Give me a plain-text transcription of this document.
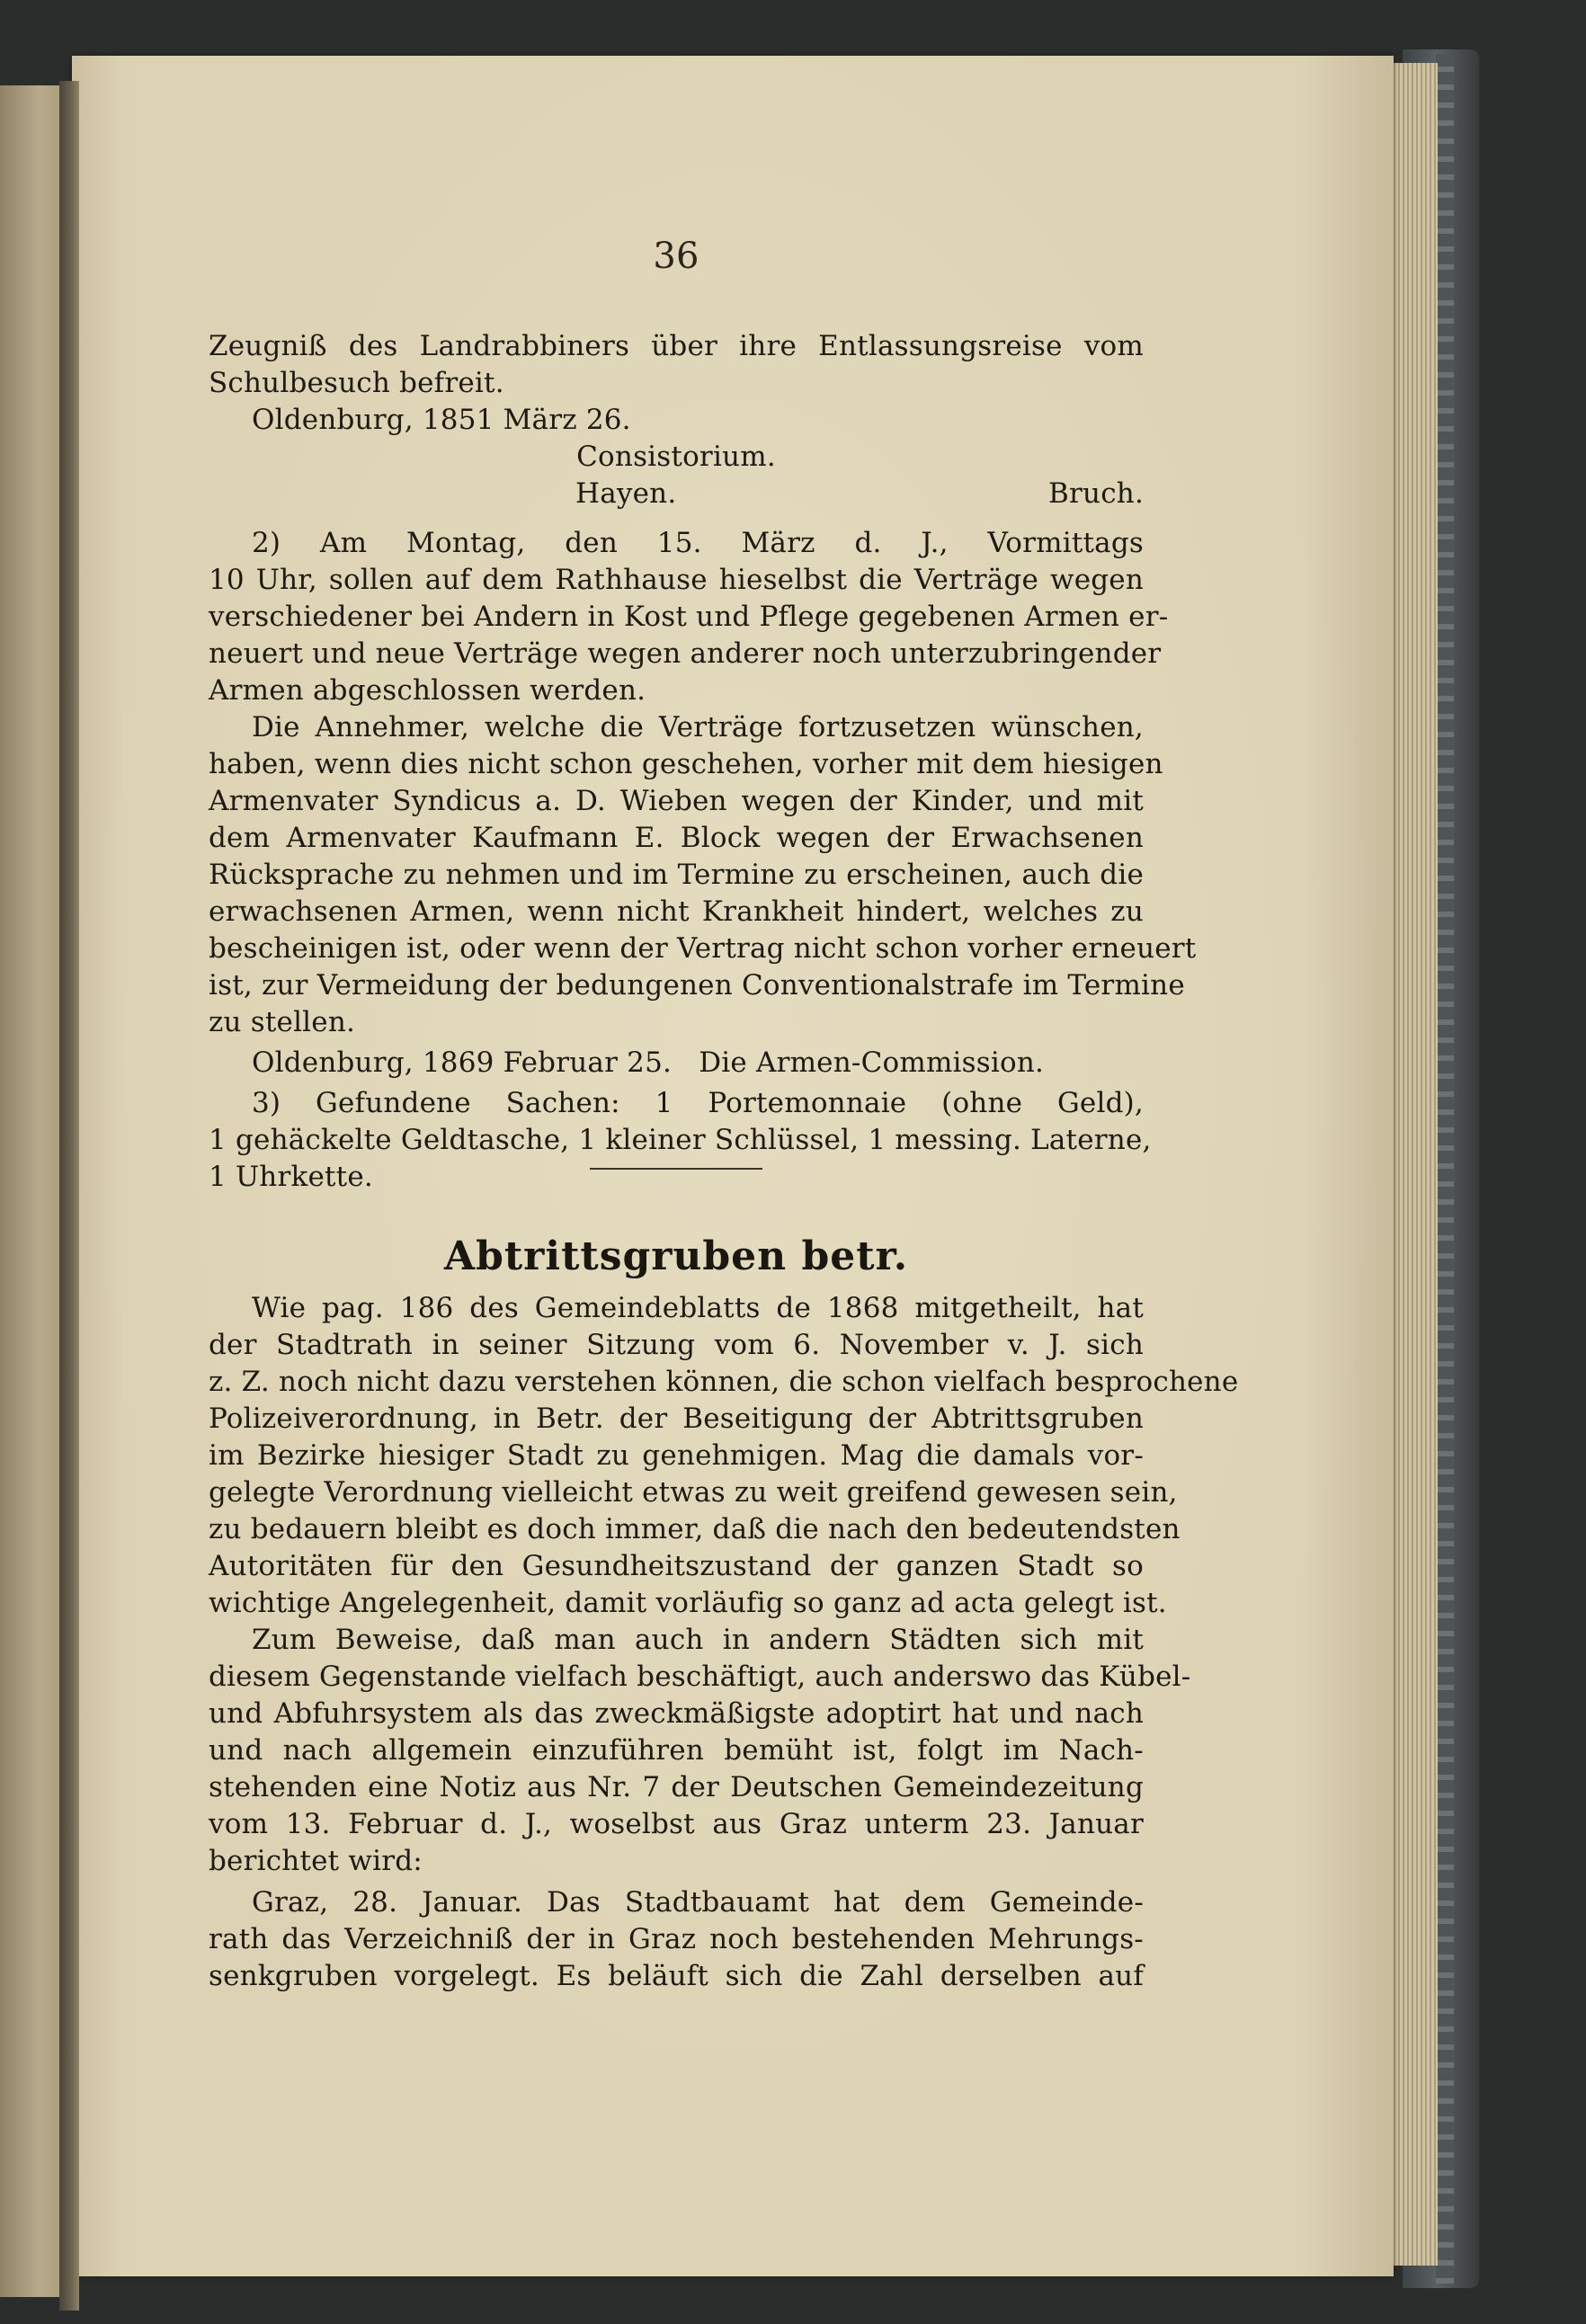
36
Zeugniß des Landrabbiners über ihre Entlassungsreise vom
Schulbesuch befreit.
Oldenburg, 1851 März 26.
Consistorium.
Hayen.	Bruch.
2) Am Montag, den 15. März d. J., Vormittags
10 Uhr, sollen auf dem Rathhause hieselbst die Verträge wegen
verschiedener bei Andern in Kost und Pflege gegebenen Armen er-
neuert und neue Verträge wegen anderer noch unterzubringender
Armen abgeschlossen werden.
Die Annehmer, welche die Verträge fortzusetzen wünschen,
haben, wenn dies nicht schon geschehen, vorher mit dem hiesigen
Armenvater Syndicus a. D. Wieben wegen der Kinder, und mit
dem Armenvater Kaufmann E. Block wegen der Erwachsenen
Rücksprache zu nehmen und im Termine zu erscheinen, auch die
erwachsenen Armen, wenn nicht Krankheit hindert, welches zu
bescheinigen ist, oder wenn der Vertrag nicht schon vorher erneuert
ist, zur Vermeidung der bedungenen Conventionalstrafe im Termine
zu stellen.
Oldenburg, 1869 Februar 25.   Die Armen-Commission.
3) Gefundene Sachen: 1 Portemonnaie (ohne Geld),
1 gehäckelte Geldtasche, 1 kleiner Schlüssel, 1 messing. Laterne,
1 Uhrkette.
Abtrittsgruben betr.
Wie pag. 186 des Gemeindeblatts de 1868 mitgetheilt, hat
der Stadtrath in seiner Sitzung vom 6. November v. J. sich
z. Z. noch nicht dazu verstehen können, die schon vielfach besprochene
Polizeiverordnung, in Betr. der Beseitigung der Abtrittsgruben
im Bezirke hiesiger Stadt zu genehmigen. Mag die damals vor-
gelegte Verordnung vielleicht etwas zu weit greifend gewesen sein,
zu bedauern bleibt es doch immer, daß die nach den bedeutendsten
Autoritäten für den Gesundheitszustand der ganzen Stadt so
wichtige Angelegenheit, damit vorläufig so ganz ad acta gelegt ist.
Zum Beweise, daß man auch in andern Städten sich mit
diesem Gegenstande vielfach beschäftigt, auch anderswo das Kübel-
und Abfuhrsystem als das zweckmäßigste adoptirt hat und nach
und nach allgemein einzuführen bemüht ist, folgt im Nach-
stehenden eine Notiz aus Nr. 7 der Deutschen Gemeindezeitung
vom 13. Februar d. J., woselbst aus Graz unterm 23. Januar
berichtet wird:
Graz, 28. Januar. Das Stadtbauamt hat dem Gemeinde-
rath das Verzeichniß der in Graz noch bestehenden Mehrungs-
senkgruben vorgelegt. Es beläuft sich die Zahl derselben auf
